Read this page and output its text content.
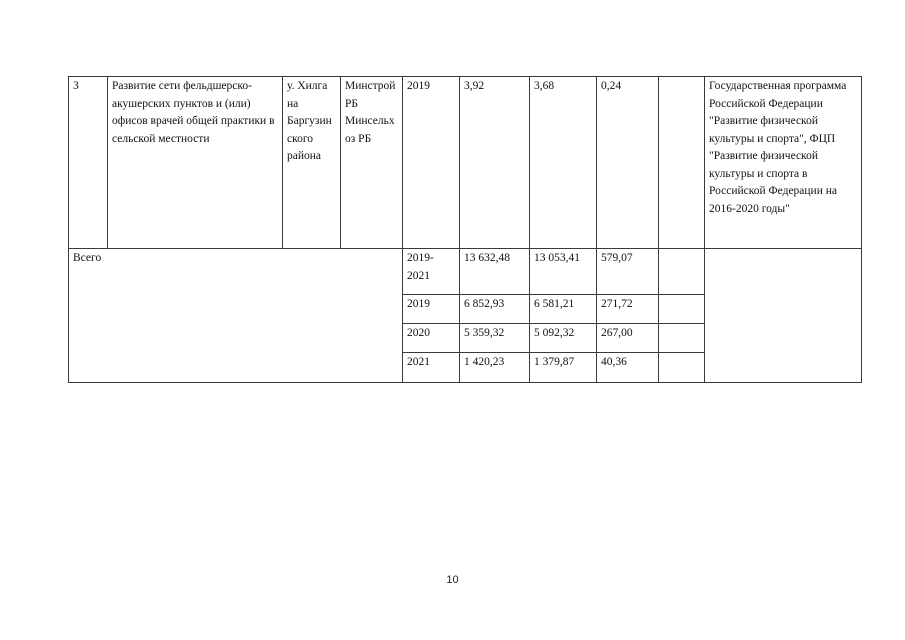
3	Развитие сети фельдшерско-акушерских пунктов и (или) офисов врачей общей практики в сельской местности	у. Хилга на Баргузинского района	Минстрой РБ Минсельхоз РБ	2019	3,92	3,68	0,24		Государственная программа Российской Федерации "Развитие физической культуры и спорта", ФЦП "Развитие физической культуры и спорта в Российской Федерации на 2016-2020 годы"
Всего				2019-2021	13 632,48	13 053,41	579,07		
				2019	6 852,93	6 581,21	271,72		
				2020	5 359,32	5 092,32	267,00		
				2021	1 420,23	1 379,87	40,36		
10
